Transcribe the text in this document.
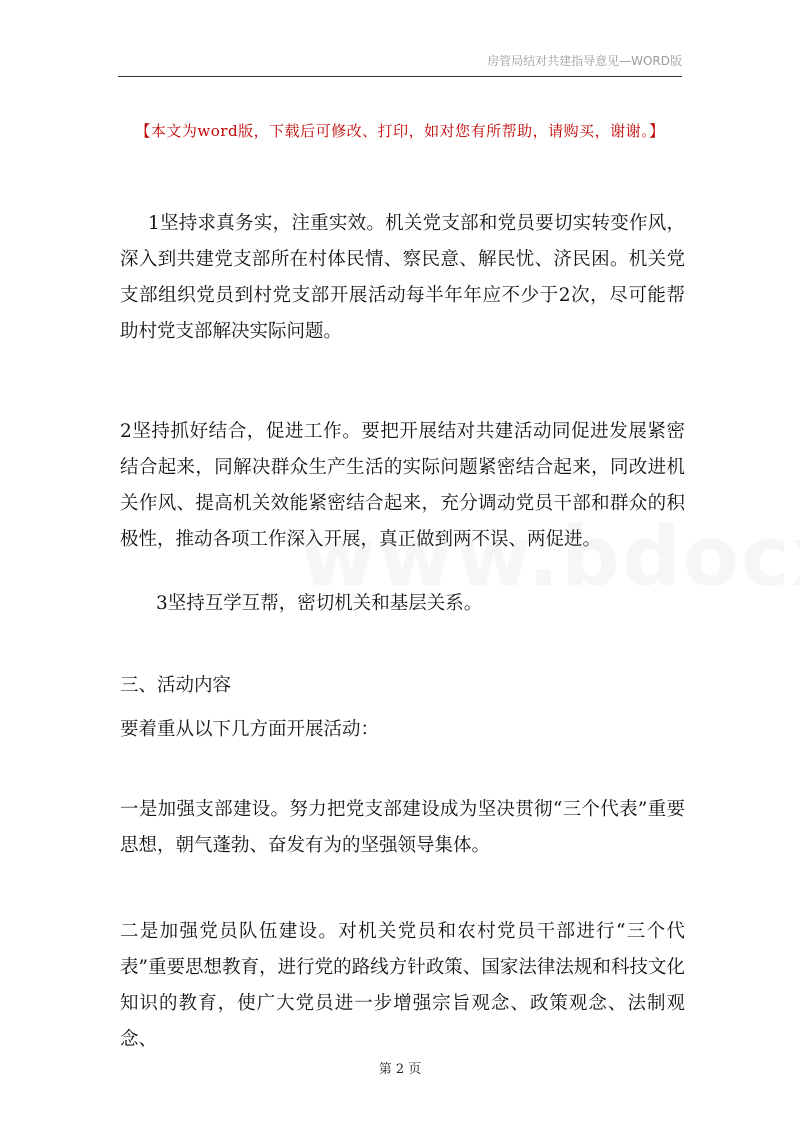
房管局结对共建指导意见—WORD版
【本文为word版，下载后可修改、打印，如对您有所帮助，请购买，谢谢。】

1坚持求真务实，注重实效。机关党支部和党员要切实转变作风，深入到共建党支部所在村体民情、察民意、解民忧、济民困。机关党支部组织党员到村党支部开展活动每半年年应不少于2次，尽可能帮助村党支部解决实际问题。

2坚持抓好结合，促进工作。要把开展结对共建活动同促进发展紧密结合起来，同解决群众生产生活的实际问题紧密结合起来，同改进机关作风、提高机关效能紧密结合起来，充分调动党员干部和群众的积极性，推动各项工作深入开展，真正做到两不误、两促进。

3坚持互学互帮，密切机关和基层关系。

三、活动内容

要着重从以下几方面开展活动：

一是加强支部建设。努力把党支部建设成为坚决贯彻“三个代表”重要思想，朝气蓬勃、奋发有为的坚强领导集体。

二是加强党员队伍建设。对机关党员和农村党员干部进行“三个代表”重要思想教育，进行党的路线方针政策、国家法律法规和科技文化知识的教育，使广大党员进一步增强宗旨观念、政策观念、法制观念、

第 2 页
